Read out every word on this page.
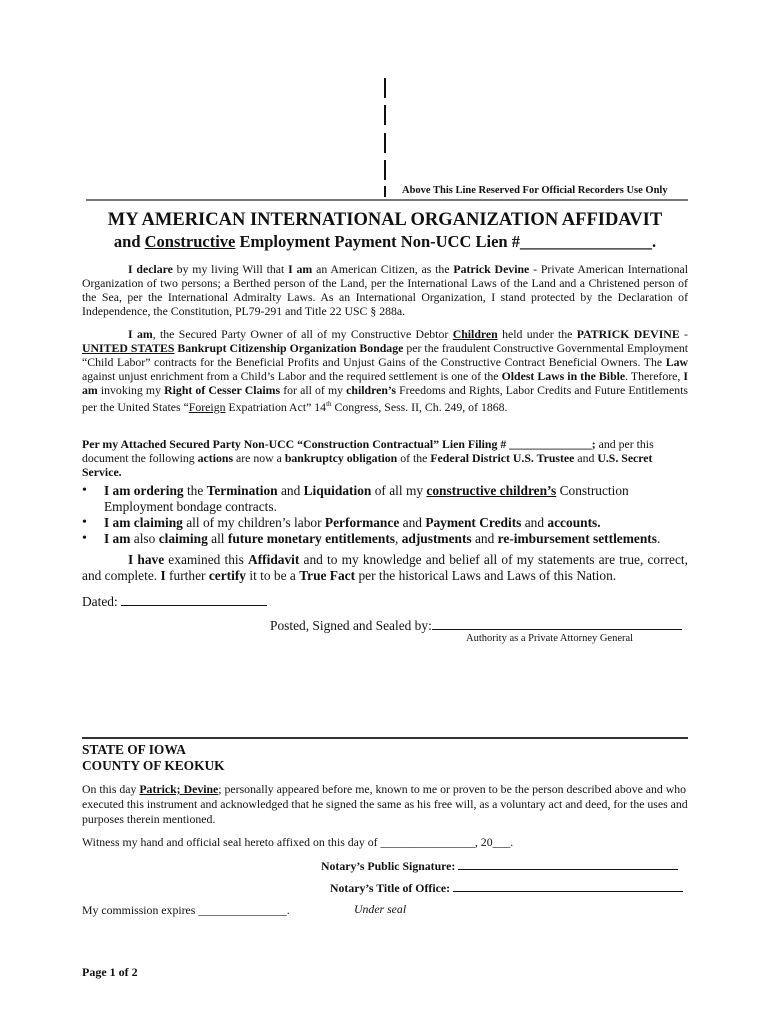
Above This Line Reserved For Official Recorders Use Only
MY AMERICAN INTERNATIONAL ORGANIZATION AFFIDAVIT
and Constructive Employment Payment Non-UCC Lien #________________.
I declare by my living Will that I am an American Citizen, as the Patrick Devine - Private American International Organization of two persons; a Berthed person of the Land, per the International Laws of the Land and a Christened person of the Sea, per the International Admiralty Laws. As an International Organization, I stand protected by the Declaration of Independence, the Constitution, PL79-291 and Title 22 USC § 288a.
I am, the Secured Party Owner of all of my Constructive Debtor Children held under the PATRICK DEVINE - UNITED STATES Bankrupt Citizenship Organization Bondage per the fraudulent Constructive Governmental Employment “Child Labor” contracts for the Beneficial Profits and Unjust Gains of the Constructive Contract Beneficial Owners. The Law against unjust enrichment from a Child’s Labor and the required settlement is one of the Oldest Laws in the Bible. Therefore, I am invoking my Right of Cesser Claims for all of my children’s Freedoms and Rights, Labor Credits and Future Entitlements per the United States “Foreign Expatriation Act” 14th Congress, Sess. II, Ch. 249, of 1868.
Per my Attached Secured Party Non-UCC “Construction Contractual” Lien Filing # ______________; and per this document the following actions are now a bankruptcy obligation of the Federal District U.S. Trustee and U.S. Secret Service.
• I am ordering the Termination and Liquidation of all my constructive children’s Construction Employment bondage contracts.
• I am claiming all of my children’s labor Performance and Payment Credits and accounts.
• I am also claiming all future monetary entitlements, adjustments and re-imbursement settlements.
I have examined this Affidavit and to my knowledge and belief all of my statements are true, correct, and complete. I further certify it to be a True Fact per the historical Laws and Laws of this Nation.
Dated:
Posted, Signed and Sealed by:
Authority as a Private Attorney General
STATE OF IOWA
COUNTY OF KEOKUK
On this day Patrick; Devine; personally appeared before me, known to me or proven to be the person described above and who executed this instrument and acknowledged that he signed the same as his free will, as a voluntary act and deed, for the uses and purposes therein mentioned.
Witness my hand and official seal hereto affixed on this day of ________________, 20___.
Notary’s Public Signature:
Notary’s Title of Office:
My commission expires _______________.	Under seal
Page 1 of 2
